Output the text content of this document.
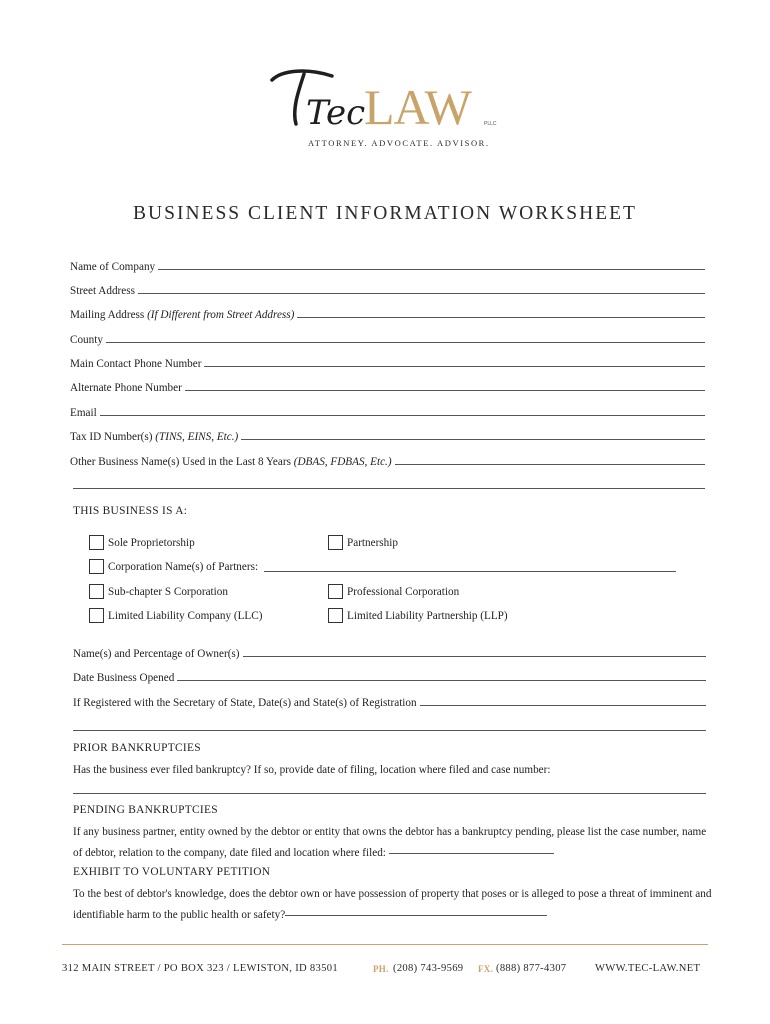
Tec
LAW	PLLC
ATTORNEY. ADVOCATE. ADVISOR.
BUSINESS CLIENT INFORMATION WORKSHEET
Name of Company
Street Address
Mailing Address (If Different from Street Address)
County
Main Contact Phone Number
Alternate Phone Number
Email
Tax ID Number(s) (TINS, EINS, Etc.)
Other Business Name(s) Used in the Last 8 Years (DBAS, FDBAS, Etc.)
THIS BUSINESS IS A:
Sole Proprietorship	Partnership
Corporation Name(s) of Partners:
Sub-chapter S Corporation	Professional Corporation
Limited Liability Company (LLC)	Limited Liability Partnership (LLP)
Name(s) and Percentage of Owner(s)
Date Business Opened
If Registered with the Secretary of State, Date(s) and State(s) of Registration
PRIOR BANKRUPTCIES
Has the business ever filed bankruptcy? If so, provide date of filing, location where filed and case number:
PENDING BANKRUPTCIES
If any business partner, entity owned by the debtor or entity that owns the debtor has a bankruptcy pending, please list the case number, name of debtor, relation to the company, date filed and location where filed:
EXHIBIT TO VOLUNTARY PETITION
To the best of debtor's knowledge, does the debtor own or have possession of property that poses or is alleged to pose a threat of imminent and identifiable harm to the public health or safety?
312 MAIN STREET / PO BOX 323 / LEWISTON, ID 83501	PH. (208) 743-9569 FX. (888) 877-4307	WWW.TEC-LAW.NET
